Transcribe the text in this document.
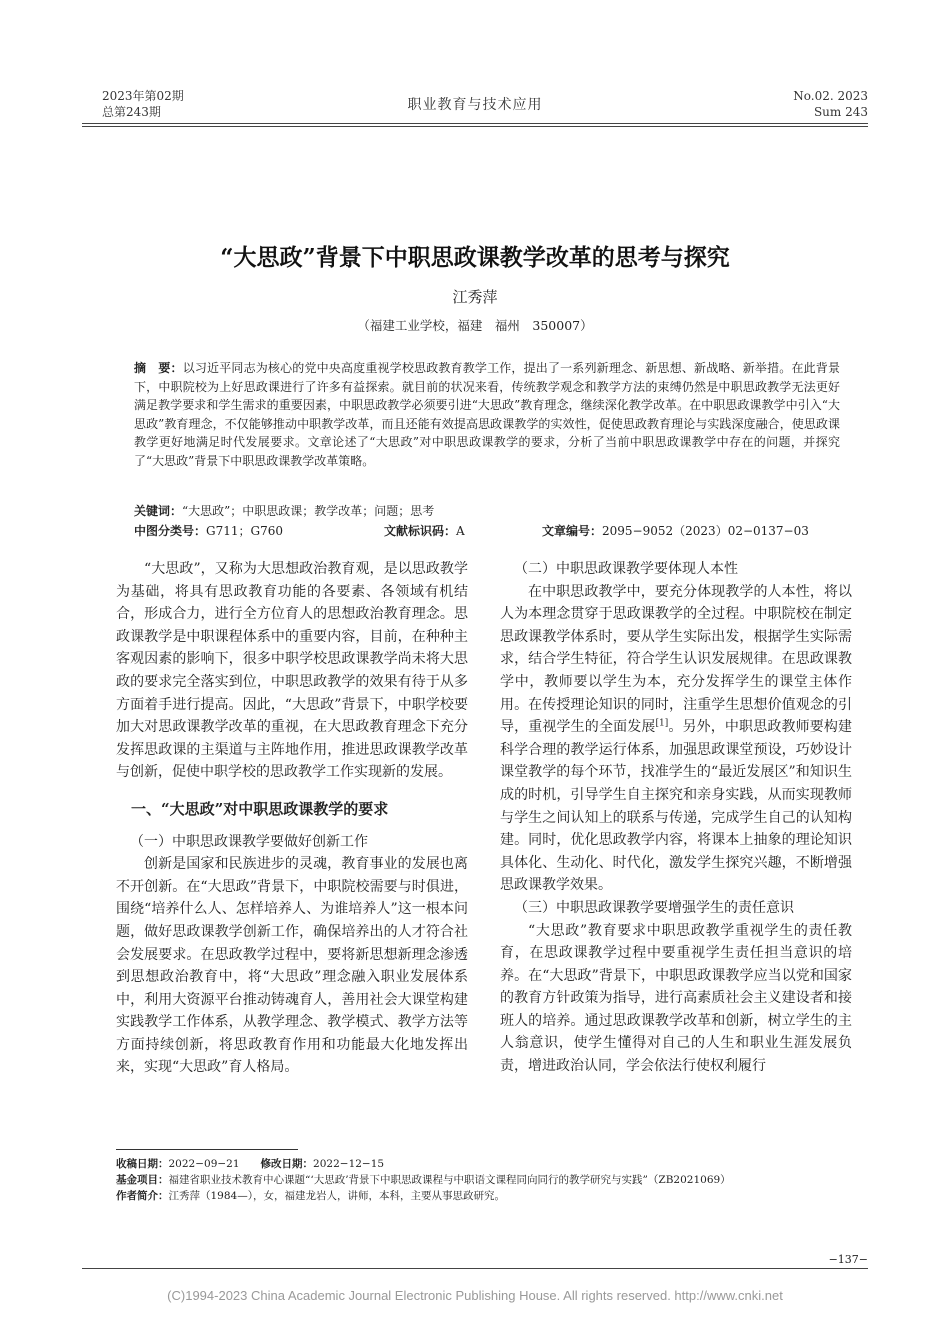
2023年第02期
总第243期	职业教育与技术应用
No.02. 2023
Sum 243
“大思政”背景下中职思政课教学改革的思考与探究
江秀萍
（福建工业学校，福建　福州　350007）
摘　要：以习近平同志为核心的党中央高度重视学校思政教育教学工作，提出了一系列新理念、新思想、新战略、新举措。在此背景下，中职院校为上好思政课进行了许多有益探索。就目前的状况来看，传统教学观念和教学方法的束缚仍然是中职思政教学无法更好满足教学要求和学生需求的重要因素，中职思政教学必须要引进“大思政”教育理念，继续深化教学改革。在中职思政课教学中引入“大思政”教育理念，不仅能够推动中职教学改革，而且还能有效提高思政课教学的实效性，促使思政教育理论与实践深度融合，使思政课教学更好地满足时代发展要求。文章论述了“大思政”对中职思政课教学的要求，分析了当前中职思政课教学中存在的问题，并探究了“大思政”背景下中职思政课教学改革策略。
关键词：“大思政”；中职思政课；教学改革；问题；思考
中图分类号：G711；G760	文献标识码：A	文章编号：2095−9052（2023）02−0137−03

“大思政”，又称为大思想政治教育观，是以思政教学为基础，将具有思政教育功能的各要素、各领域有机结合，形成合力，进行全方位育人的思想政治教育理念。思政课教学是中职课程体系中的重要内容，目前，在种种主客观因素的影响下，很多中职学校思政课教学尚未将大思政的要求完全落实到位，中职思政教学的效果有待于从多方面着手进行提高。因此，“大思政”背景下，中职学校要加大对思政课教学改革的重视，在大思政教育理念下充分发挥思政课的主渠道与主阵地作用，推进思政课教学改革与创新，促使中职学校的思政教学工作实现新的发展。

一、“大思政”对中职思政课教学的要求

（一）中职思政课教学要做好创新工作

创新是国家和民族进步的灵魂，教育事业的发展也离不开创新。在“大思政”背景下，中职院校需要与时俱进，围绕“培养什么人、怎样培养人、为谁培养人”这一根本问题，做好思政课教学创新工作，确保培养出的人才符合社会发展要求。在思政教学过程中，要将新思想新理念渗透到思想政治教育中，将“大思政”理念融入职业发展体系中，利用大资源平台推动铸魂育人，善用社会大课堂构建实践教学工作体系，从教学理念、教学模式、教学方法等方面持续创新，将思政教育作用和功能最大化地发挥出来，实现“大思政”育人格局。

（二）中职思政课教学要体现人本性

在中职思政教学中，要充分体现教学的人本性，将以人为本理念贯穿于思政课教学的全过程。中职院校在制定思政课教学体系时，要从学生实际出发，根据学生实际需求，结合学生特征，符合学生认识发展规律。在思政课教学中，教师要以学生为本，充分发挥学生的课堂主体作用。在传授理论知识的同时，注重学生思想价值观念的引导，重视学生的全面发展[1]。另外，中职思政教师要构建科学合理的教学运行体系，加强思政课堂预设，巧妙设计课堂教学的每个环节，找准学生的“最近发展区”和知识生成的时机，引导学生自主探究和亲身实践，从而实现教师与学生之间认知上的联系与传递，完成学生自己的认知构建。同时，优化思政教学内容，将课本上抽象的理论知识具体化、生动化、时代化，激发学生探究兴趣，不断增强思政课教学效果。

（三）中职思政课教学要增强学生的责任意识

“大思政”教育要求中职思政教学重视学生的责任教育，在思政课教学过程中要重视学生责任担当意识的培养。在“大思政”背景下，中职思政课教学应当以党和国家的教育方针政策为指导，进行高素质社会主义建设者和接班人的培养。通过思政课教学改革和创新，树立学生的主人翁意识，使学生懂得对自己的人生和职业生涯发展负责，增进政治认同，学会依法行使权利履行

收稿日期：2022−09−21   修改日期：2022−12−15
基金项目：福建省职业技术教育中心课题“‘大思政’背景下中职思政课程与中职语文课程同向同行的教学研究与实践”（ZB2021069）
作者简介：江秀萍（1984—），女，福建龙岩人，讲师，本科，主要从事思政研究。
−137−
(C)1994-2023 China Academic Journal Electronic Publishing House. All rights reserved. http://www.cnki.net
